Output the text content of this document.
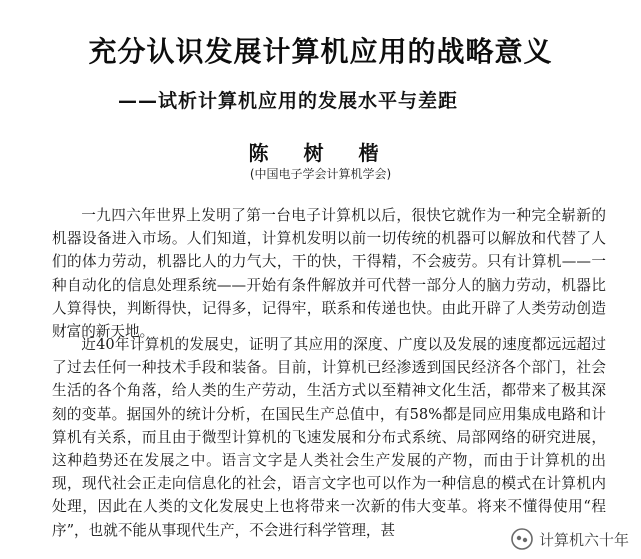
充分认识发展计算机应用的战略意义
——试析计算机应用的发展水平与差距
陈 树 楷
(中国电子学会计算机学会)

一九四六年世界上发明了第一台电子计算机以后，很快它就作为一种完全崭新的机器设备进入市场。人们知道，计算机发明以前一切传统的机器可以解放和代替了人们的体力劳动，机器比人的力气大，干的快，干得精，不会疲劳。只有计算机——一种自动化的信息处理系统——开始有条件解放并可代替一部分人的脑力劳动，机器比人算得快，判断得快，记得多，记得牢，联系和传递也快。由此开辟了人类劳动创造财富的新天地。

近40年计算机的发展史，证明了其应用的深度、广度以及发展的速度都远远超过了过去任何一种技术手段和装备。目前，计算机已经渗透到国民经济各个部门，社会生活的各个角落，给人类的生产劳动，生活方式以至精神文化生活，都带来了极其深刻的变革。据国外的统计分析，在国民生产总值中，有58%都是同应用集成电路和计算机有关系，而且由于微型计算机的飞速发展和分布式系统、局部网络的研究进展，这种趋势还在发展之中。语言文字是人类社会生产发展的产物，而由于计算机的出现，现代社会正走向信息化的社会，语言文字也可以作为一种信息的模式在计算机内处理，因此在人类的文化发展史上也将带来一次新的伟大变革。将来不懂得使用“程序”，也就不能从事现代生产，不会进行科学管理，甚

计算机六十年
